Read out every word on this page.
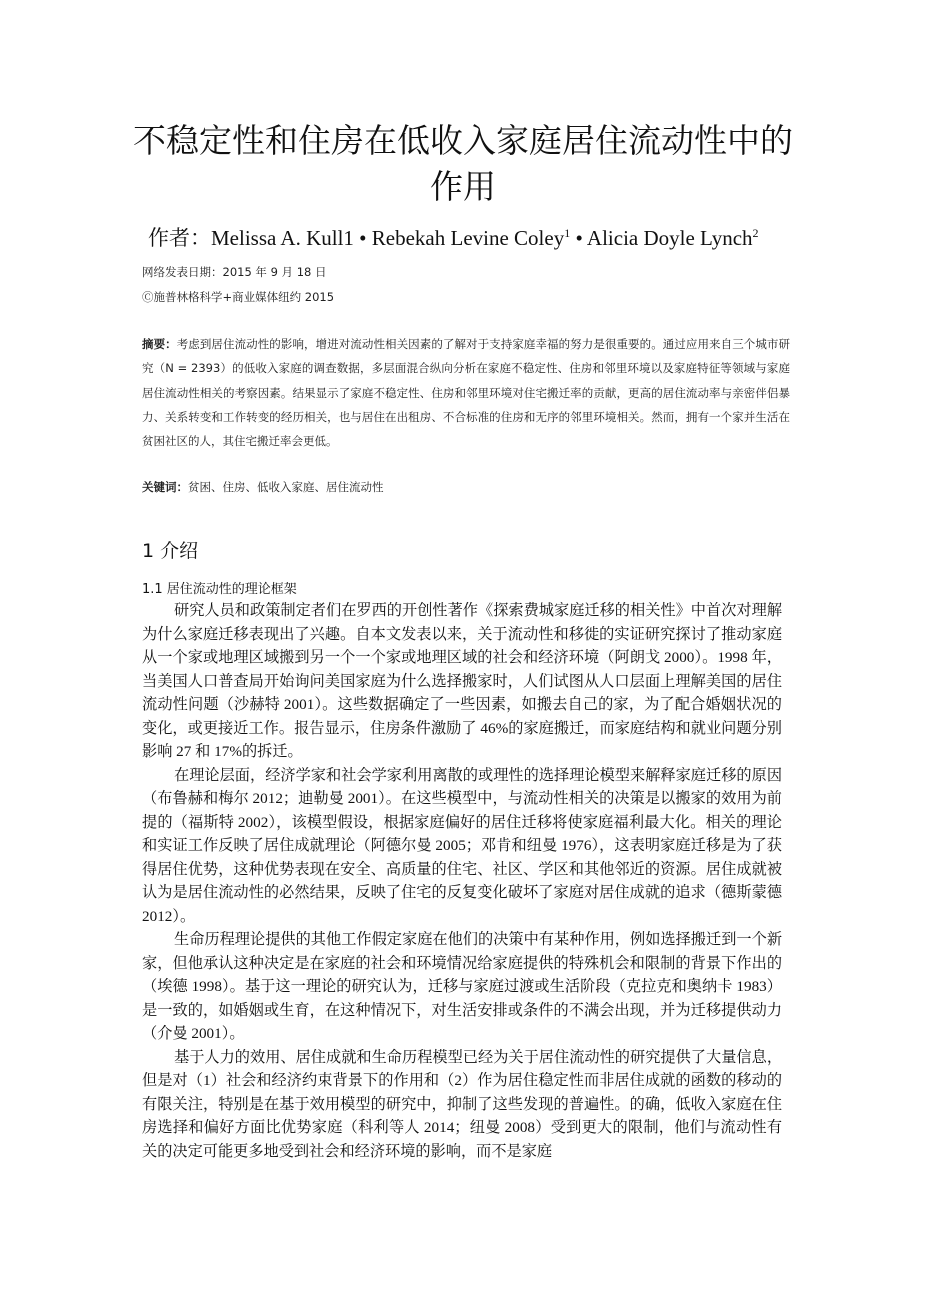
不稳定性和住房在低收入家庭居住流动性中的作用
作者：Melissa A. Kull1 • Rebekah Levine Coley$^1$ • Alicia Doyle Lynch$^2$
网络发表日期：2015 年 9 月 18 日
Ⓒ施普林格科学+商业媒体纽约 2015

摘要：考虑到居住流动性的影响，增进对流动性相关因素的了解对于支持家庭幸福的努力是很重要的。通过应用来自三个城市研究（N = 2393）的低收入家庭的调查数据，多层面混合纵向分析在家庭不稳定性、住房和邻里环境以及家庭特征等领域与家庭居住流动性相关的考察因素。结果显示了家庭不稳定性、住房和邻里环境对住宅搬迁率的贡献，更高的居住流动率与亲密伴侣暴力、关系转变和工作转变的经历相关，也与居住在出租房、不合标准的住房和无序的邻里环境相关。然而，拥有一个家并生活在贫困社区的人，其住宅搬迁率会更低。

关键词：贫困、住房、低收入家庭、居住流动性
1 介绍
1.1 居住流动性的理论框架

研究人员和政策制定者们在罗西的开创性著作《探索费城家庭迁移的相关性》中首次对理解为什么家庭迁移表现出了兴趣。自本文发表以来，关于流动性和移徙的实证研究探讨了推动家庭从一个家或地理区域搬到另一个一个家或地理区域的社会和经济环境（阿朗戈 2000）。1998 年，当美国人口普查局开始询问美国家庭为什么选择搬家时，人们试图从人口层面上理解美国的居住流动性问题（沙赫特 2001）。这些数据确定了一些因素，如搬去自己的家，为了配合婚姻状况的变化，或更接近工作。报告显示，住房条件激励了 46%的家庭搬迁，而家庭结构和就业问题分别影响 27 和 17%的拆迁。

在理论层面，经济学家和社会学家利用离散的或理性的选择理论模型来解释家庭迁移的原因（布鲁赫和梅尔 2012；迪勒曼 2001）。在这些模型中，与流动性相关的决策是以搬家的效用为前提的（福斯特 2002），该模型假设，根据家庭偏好的居住迁移将使家庭福利最大化。相关的理论和实证工作反映了居住成就理论（阿德尔曼 2005；邓肯和纽曼 1976），这表明家庭迁移是为了获得居住优势，这种优势表现在安全、高质量的住宅、社区、学区和其他邻近的资源。居住成就被认为是居住流动性的必然结果，反映了住宅的反复变化破坏了家庭对居住成就的追求（德斯蒙德 2012）。

生命历程理论提供的其他工作假定家庭在他们的决策中有某种作用，例如选择搬迁到一个新家，但他承认这种决定是在家庭的社会和环境情况给家庭提供的特殊机会和限制的背景下作出的（埃德 1998）。基于这一理论的研究认为，迁移与家庭过渡或生活阶段（克拉克和奥纳卡 1983）是一致的，如婚姻或生育，在这种情况下，对生活安排或条件的不满会出现，并为迁移提供动力（介曼 2001）。

基于人力的效用、居住成就和生命历程模型已经为关于居住流动性的研究提供了大量信息，但是对（1）社会和经济约束背景下的作用和（2）作为居住稳定性而非居住成就的函数的移动的有限关注，特别是在基于效用模型的研究中，抑制了这些发现的普遍性。的确，低收入家庭在住房选择和偏好方面比优势家庭（科利等人 2014；纽曼 2008）受到更大的限制，他们与流动性有关的决定可能更多地受到社会和经济环境的影响，而不是家庭
